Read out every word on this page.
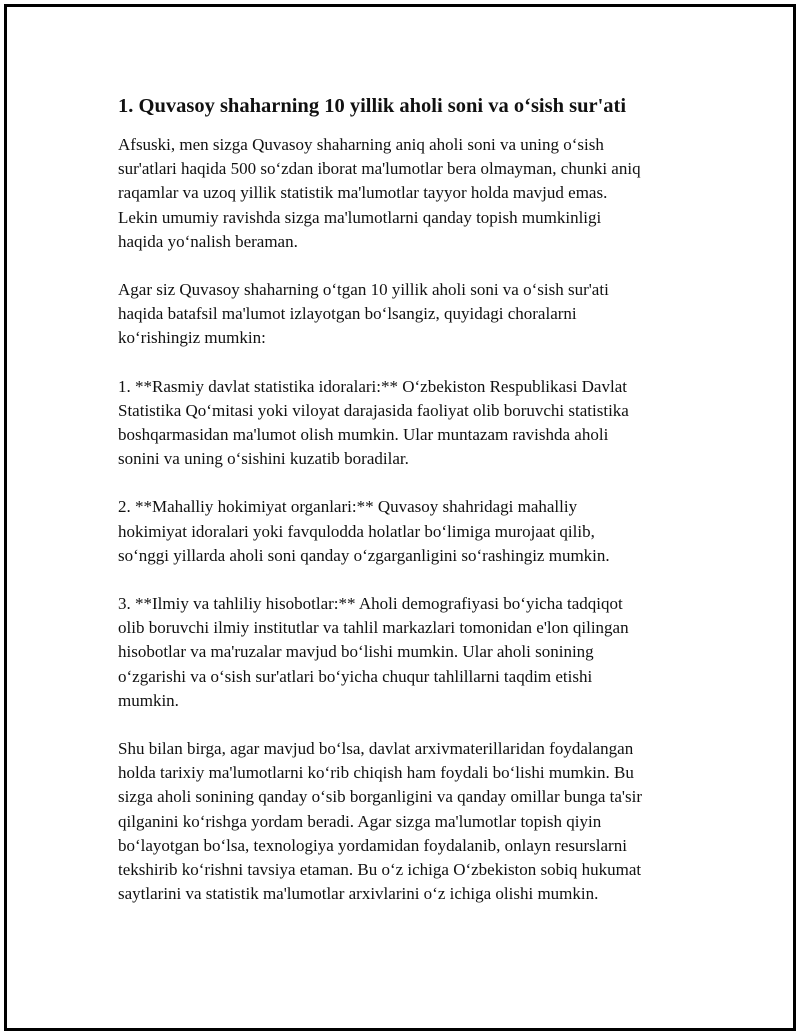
1. Quvasoy shaharning 10 yillik aholi soni va o‘sish sur'ati

Afsuski, men sizga Quvasoy shaharning aniq aholi soni va uning o‘sish
sur'atlari haqida 500 so‘zdan iborat ma'lumotlar bera olmayman, chunki aniq
raqamlar va uzoq yillik statistik ma'lumotlar tayyor holda mavjud emas.
Lekin umumiy ravishda sizga ma'lumotlarni qanday topish mumkinligi
haqida yo‘nalish beraman.

Agar siz Quvasoy shaharning o‘tgan 10 yillik aholi soni va o‘sish sur'ati
haqida batafsil ma'lumot izlayotgan bo‘lsangiz, quyidagi choralarni
ko‘rishingiz mumkin:

1. **Rasmiy davlat statistika idoralari:** O‘zbekiston Respublikasi Davlat
Statistika Qo‘mitasi yoki viloyat darajasida faoliyat olib boruvchi statistika
boshqarmasidan ma'lumot olish mumkin. Ular muntazam ravishda aholi
sonini va uning o‘sishini kuzatib boradilar.

2. **Mahalliy hokimiyat organlari:** Quvasoy shahridagi mahalliy
hokimiyat idoralari yoki favqulodda holatlar bo‘limiga murojaat qilib,
so‘nggi yillarda aholi soni qanday o‘zgarganligini so‘rashingiz mumkin.

3. **Ilmiy va tahliliy hisobotlar:** Aholi demografiyasi bo‘yicha tadqiqot
olib boruvchi ilmiy institutlar va tahlil markazlari tomonidan e'lon qilingan
hisobotlar va ma'ruzalar mavjud bo‘lishi mumkin. Ular aholi sonining
o‘zgarishi va o‘sish sur'atlari bo‘yicha chuqur tahlillarni taqdim etishi
mumkin.

Shu bilan birga, agar mavjud bo‘lsa, davlat arxivmaterillaridan foydalangan
holda tarixiy ma'lumotlarni ko‘rib chiqish ham foydali bo‘lishi mumkin. Bu
sizga aholi sonining qanday o‘sib borganligini va qanday omillar bunga ta'sir
qilganini ko‘rishga yordam beradi. Agar sizga ma'lumotlar topish qiyin
bo‘layotgan bo‘lsa, texnologiya yordamidan foydalanib, onlayn resurslarni
tekshirib ko‘rishni tavsiya etaman. Bu o‘z ichiga O‘zbekiston sobiq hukumat
saytlarini va statistik ma'lumotlar arxivlarini o‘z ichiga olishi mumkin.
